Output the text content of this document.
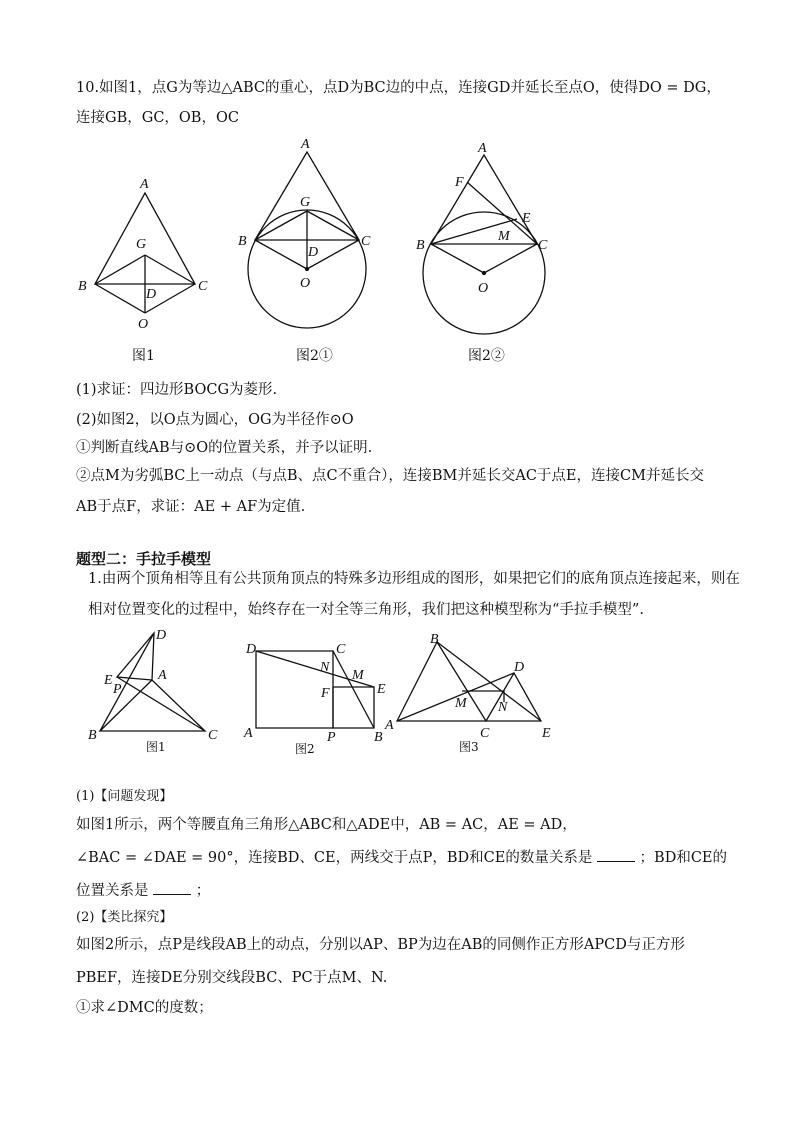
10.如图1，点G为等边△ABC的重心，点D为BC边的中点，连接GD并延长至点O，使得DO = DG，
连接GB，GC，OB，OC
A
G
B
D
C
O
A
G
B
D
C
O
A
F
E
M
B	C
O
图1	图2①	图2②
(1)求证：四边形BOCG为菱形.
(2)如图2，以O点为圆心，OG为半径作⊙O
①判断直线AB与⊙O的位置关系，并予以证明.
②点M为劣弧BC上一动点（与点B、点C不重合），连接BM并延长交AC于点E，连接CM并延长交
AB于点F，求证：AE + AF为定值.
题型二：手拉手模型
1.由两个顶角相等且有公共顶角顶点的特殊多边形组成的图形，如果把它们的底角顶点连接起来，则在
相对位置变化的过程中，始终存在一对全等三角形，我们把这种模型称为“手拉手模型”.
D
E	A
P
B	C
D	C
N
M
F	E
A	P	B
B
D
M N
A
C	E
图1	图2	图3
(1)【问题发现】
如图1所示，两个等腰直角三角形△ABC和△ADE中，AB = AC，AE = AD，
∠BAC = ∠DAE = 90°，连接BD、CE，两线交于点P，BD和CE的数量关系是	；BD和CE的
位置关系是	；
(2)【类比探究】
如图2所示，点P是线段AB上的动点，分别以AP、BP为边在AB的同侧作正方形APCD与正方形
PBEF，连接DE分别交线段BC、PC于点M、N.
①求∠DMC的度数；
